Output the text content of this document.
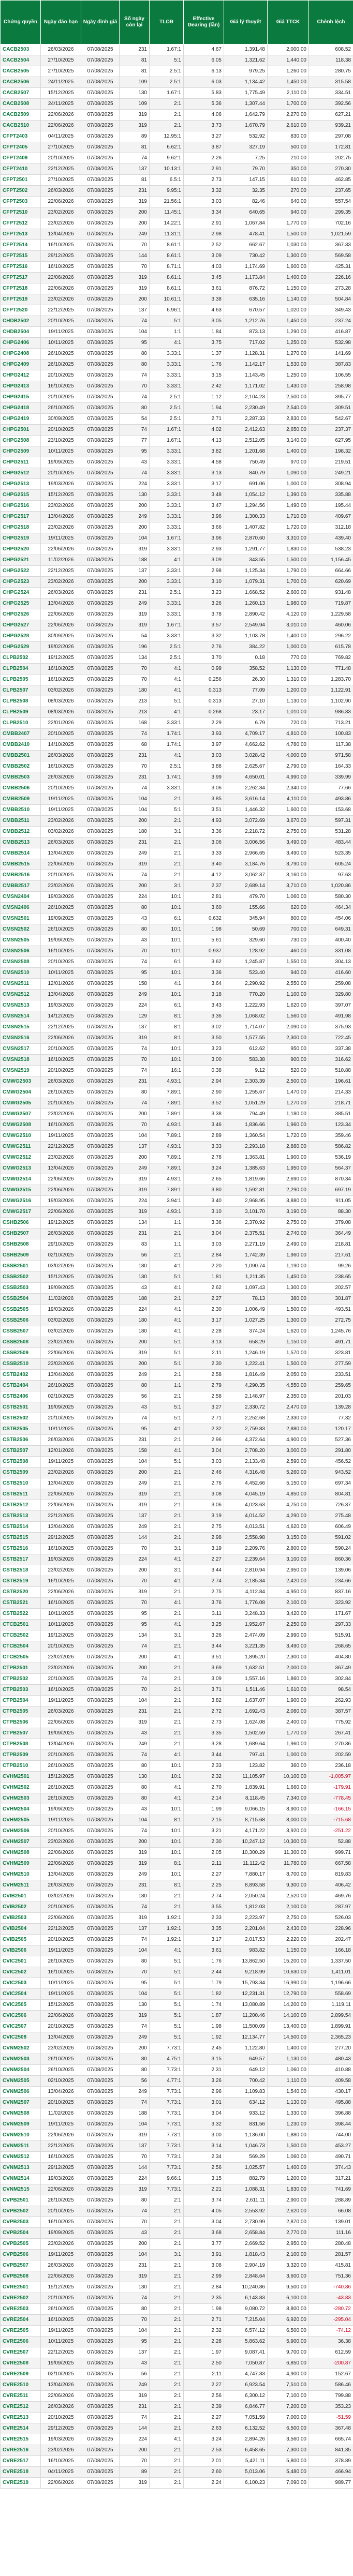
Chứng quyền	Ngày đáo hạn	Ngày định giá	Số ngày còn lại	TLCĐ	Effective Gearing (lần)	Giá lý thuyết	Giá TTCK	Chênh lệch
CACB2503	26/03/2026	07/08/2025	231	1.67:1	4.67	1,391.48	2,000.00	608.52
CACB2504	27/10/2025	07/08/2025	81	5:1	6.05	1,321.62	1,440.00	118.38
CACB2505	27/10/2025	07/08/2025	81	2.5:1	6.13	979.25	1,260.00	280.75
CACB2506	24/11/2025	07/08/2025	109	2.5:1	6.03	1,134.42	1,450.00	315.58
CACB2507	15/12/2025	07/08/2025	130	1.67:1	5.83	1,775.49	2,110.00	334.51
CACB2508	24/11/2025	07/08/2025	109	2:1	5.36	1,307.44	1,700.00	392.56
CACB2509	22/06/2026	07/08/2025	319	2:1	4.06	1,642.79	2,270.00	627.21
CACB2510	22/06/2026	07/08/2025	319	2:1	3.73	1,670.79	2,610.00	939.21
CFPT2403	04/11/2025	07/08/2025	89	12.95:1	3.27	532.92	830.00	297.08
CFPT2405	27/10/2025	07/08/2025	81	6.62:1	3.87	327.19	500.00	172.81
CFPT2409	20/10/2025	07/08/2025	74	9.62:1	2.26	7.25	210.00	202.75
CFPT2410	22/12/2025	07/08/2025	137	10.13:1	2.91	79.70	350.00	270.30
CFPT2501	27/10/2025	07/08/2025	81	6.5:1	2.73	147.15	610.00	462.85
CFPT2502	26/03/2026	07/08/2025	231	9.95:1	3.32	32.35	270.00	237.65
CFPT2503	22/06/2026	07/08/2025	319	21.56:1	3.03	82.46	640.00	557.54
CFPT2510	23/02/2026	07/08/2025	200	11.45:1	3.34	640.65	940.00	299.35
CFPT2512	23/02/2026	07/08/2025	200	14.22:1	2.91	1,067.84	1,770.00	702.16
CFPT2513	13/04/2026	07/08/2025	249	11.31:1	2.98	478.41	1,500.00	1,021.59
CFPT2514	16/10/2025	07/08/2025	70	8.61:1	2.52	662.67	1,030.00	367.33
CFPT2515	29/12/2025	07/08/2025	144	8.61:1	3.09	730.42	1,300.00	569.58
CFPT2516	16/10/2025	07/08/2025	70	8.71:1	4.03	1,174.69	1,600.00	425.31
CFPT2517	22/06/2026	07/08/2025	319	8.61:1	3.45	1,173.84	1,400.00	226.16
CFPT2518	22/06/2026	07/08/2025	319	8.61:1	3.61	876.72	1,150.00	273.28
CFPT2519	23/02/2026	07/08/2025	200	10.61:1	3.38	635.16	1,140.00	504.84
CFPT2520	22/12/2025	07/08/2025	137	6.96:1	4.63	670.57	1,020.00	349.43
CHDB2502	20/10/2025	07/08/2025	74	5:1	3.05	1,212.76	1,450.00	237.24
CHDB2504	19/11/2025	07/08/2025	104	1:1	1.84	873.13	1,290.00	416.87
CHPG2406	10/11/2025	07/08/2025	95	4:1	3.75	717.02	1,250.00	532.98
CHPG2408	26/10/2025	07/08/2025	80	3.33:1	1.37	1,128.31	1,270.00	141.69
CHPG2409	26/10/2025	07/08/2025	80	3.33:1	1.76	1,142.17	1,530.00	387.83
CHPG2412	20/10/2025	07/08/2025	74	3.33:1	3.15	1,143.45	1,250.00	106.55
CHPG2413	16/10/2025	07/08/2025	70	3.33:1	2.42	1,171.02	1,430.00	258.98
CHPG2415	20/10/2025	07/08/2025	74	2.5:1	1.12	2,104.23	2,500.00	395.77
CHPG2418	26/10/2025	07/08/2025	80	2.5:1	1.94	2,230.49	2,540.00	309.51
CHPG2419	30/09/2025	07/08/2025	54	2.5:1	2.71	2,287.33	2,830.00	542.67
CHPG2501	20/10/2025	07/08/2025	74	1.67:1	4.02	2,412.63	2,650.00	237.37
CHPG2508	23/10/2025	07/08/2025	77	1.67:1	4.13	2,512.05	3,140.00	627.95
CHPG2509	10/11/2025	07/08/2025	95	3.33:1	3.82	1,201.68	1,400.00	198.32
CHPG2511	19/09/2025	07/08/2025	43	3.33:1	4.58	750.49	970.00	219.51
CHPG2512	20/10/2025	07/08/2025	74	3.33:1	3.13	840.79	1,090.00	249.21
CHPG2513	19/03/2026	07/08/2025	224	3.33:1	3.17	691.06	1,000.00	308.94
CHPG2515	15/12/2025	07/08/2025	130	3.33:1	3.48	1,054.12	1,390.00	335.88
CHPG2516	23/02/2026	07/08/2025	200	3.33:1	3.47	1,294.56	1,490.00	195.44
CHPG2517	13/04/2026	07/08/2025	249	3.33:1	3.96	1,300.33	1,710.00	409.67
CHPG2518	23/02/2026	07/08/2025	200	3.33:1	3.66	1,407.82	1,720.00	312.18
CHPG2519	19/11/2025	07/08/2025	104	1.67:1	3.96	2,870.60	3,310.00	439.40
CHPG2520	22/06/2026	07/08/2025	319	3.33:1	2.93	1,291.77	1,830.00	538.23
CHPG2521	11/02/2026	07/08/2025	188	4:1	3.09	343.55	1,500.00	1,156.45
CHPG2522	22/12/2025	07/08/2025	137	3.33:1	2.98	1,125.34	1,790.00	664.66
CHPG2523	23/02/2026	07/08/2025	200	3.33:1	3.10	1,079.31	1,700.00	620.69
CHPG2524	26/03/2026	07/08/2025	231	2.5:1	3.23	1,668.52	2,600.00	931.48
CHPG2525	13/04/2026	07/08/2025	249	3.33:1	3.26	1,260.13	1,980.00	719.87
CHPG2526	22/06/2026	07/08/2025	319	3.33:1	3.78	2,890.42	4,120.00	1,229.58
CHPG2527	22/06/2026	07/08/2025	319	1.67:1	3.57	2,549.94	3,010.00	460.06
CHPG2528	30/09/2025	07/08/2025	54	3.33:1	3.32	1,103.78	1,400.00	296.22
CHPG2529	19/02/2026	07/08/2025	196	2.5:1	2.76	384.22	1,000.00	615.78
CLPB2502	19/12/2025	07/08/2025	134	2.5:1	3.70	0.18	770.00	769.82
CLPB2504	16/10/2025	07/08/2025	70	4:1	0.99	358.52	1,130.00	771.48
CLPB2505	16/10/2025	07/08/2025	70	4:1	0.256	26.30	1,310.00	1,283.70
CLPB2507	03/02/2026	07/08/2025	180	4:1	0.313	77.09	1,200.00	1,122.91
CLPB2508	08/03/2026	07/08/2025	213	5:1	0.313	27.10	1,130.00	1,102.90
CLPB2509	08/03/2026	07/08/2025	213	4:1	0.268	23.17	1,010.00	986.83
CLPB2510	22/01/2026	07/08/2025	168	3.33:1	2.29	6.79	720.00	713.21
CMBB2407	20/10/2025	07/08/2025	74	1.74:1	3.93	4,709.17	4,810.00	100.83
CMBB2410	14/10/2025	07/08/2025	68	1.74:1	3.97	4,662.62	4,780.00	117.38
CMBB2501	26/03/2026	07/08/2025	231	4:1	3.03	3,028.42	4,000.00	971.58
CMBB2502	16/10/2025	07/08/2025	70	2.5:1	3.88	2,625.67	2,790.00	164.33
CMBB2503	26/03/2026	07/08/2025	231	1.74:1	3.99	4,650.01	4,990.00	339.99
CMBB2506	20/10/2025	07/08/2025	74	3.33:1	3.06	2,262.34	2,340.00	77.66
CMBB2509	19/11/2025	07/08/2025	104	2:1	3.85	3,616.14	4,110.00	493.86
CMBB2510	19/11/2025	07/08/2025	104	5:1	3.51	1,446.32	1,600.00	153.68
CMBB2511	23/02/2026	07/08/2025	200	2:1	4.93	3,072.69	3,670.00	597.31
CMBB2512	03/02/2026	07/08/2025	180	3:1	3.36	2,218.72	2,750.00	531.28
CMBB2513	26/03/2026	07/08/2025	231	2:1	3.06	3,006.56	3,490.00	483.44
CMBB2514	13/04/2026	07/08/2025	249	2:1	3.33	2,966.65	3,490.00	523.35
CMBB2515	22/06/2026	07/08/2025	319	2:1	3.40	3,184.76	3,790.00	605.24
CMBB2516	20/10/2025	07/08/2025	74	2:1	4.12	3,062.37	3,160.00	97.63
CMBB2517	23/02/2026	07/08/2025	200	3:1	2.37	2,689.14	3,710.00	1,020.86
CMSN2404	19/03/2026	07/08/2025	224	10:1	2.81	479.70	1,060.00	580.30
CMSN2406	26/10/2025	07/08/2025	80	10:1	3.60	155.66	620.00	464.34
CMSN2501	19/09/2025	07/08/2025	43	6:1	0.632	345.94	800.00	454.06
CMSN2502	26/10/2025	07/08/2025	80	10:1	1.98	50.69	700.00	649.31
CMSN2505	19/09/2025	07/08/2025	43	10:1	5.61	329.60	730.00	400.40
CMSN2506	16/10/2025	07/08/2025	70	10:1	0.937	128.92	460.00	331.08
CMSN2508	20/10/2025	07/08/2025	74	6:1	3.62	1,245.87	1,550.00	304.13
CMSN2510	10/11/2025	07/08/2025	95	10:1	3.36	523.40	940.00	416.60
CMSN2511	12/01/2026	07/08/2025	158	4:1	3.64	2,290.92	2,550.00	259.08
CMSN2512	13/04/2026	07/08/2025	249	10:1	3.18	770.20	1,100.00	329.80
CMSN2513	19/03/2026	07/08/2025	224	6:1	3.43	1,222.93	1,620.00	397.07
CMSN2514	14/12/2025	07/08/2025	129	8:1	3.36	1,068.02	1,560.00	491.98
CMSN2515	22/12/2025	07/08/2025	137	8:1	3.02	1,714.07	2,090.00	375.93
CMSN2516	22/06/2026	07/08/2025	319	8:1	3.50	1,577.55	2,300.00	722.45
CMSN2517	20/10/2025	07/08/2025	74	10:1	3.23	612.62	950.00	337.38
CMSN2518	16/10/2025	07/08/2025	70	10:1	3.00	583.38	900.00	316.62
CMSN2519	20/10/2025	07/08/2025	74	16:1	0.38	9.12	520.00	510.88
CMWG2503	26/03/2026	07/08/2025	231	4.93:1	2.94	2,303.39	2,500.00	196.61
CMWG2504	26/10/2025	07/08/2025	80	7.89:1	2.90	1,255.67	1,470.00	214.33
CMWG2505	20/10/2025	07/08/2025	74	7.89:1	3.52	1,051.29	1,270.00	218.71
CMWG2507	23/02/2026	07/08/2025	200	7.89:1	3.38	794.49	1,180.00	385.51
CMWG2508	16/10/2025	07/08/2025	70	4.93:1	3.46	1,836.66	1,960.00	123.34
CMWG2510	19/11/2025	07/08/2025	104	7.89:1	2.89	1,360.54	1,720.00	359.46
CMWG2511	22/12/2025	07/08/2025	137	4.93:1	3.33	2,293.18	2,880.00	586.82
CMWG2512	23/02/2026	07/08/2025	200	7.89:1	2.78	1,363.81	1,900.00	536.19
CMWG2513	13/04/2026	07/08/2025	249	7.89:1	3.24	1,385.63	1,950.00	564.37
CMWG2514	22/06/2026	07/08/2025	319	4.93:1	2.65	1,819.66	2,690.00	870.34
CMWG2515	22/06/2026	07/08/2025	319	7.89:1	3.80	1,592.81	2,290.00	697.19
CMWG2516	19/03/2026	07/08/2025	224	3.94:1	3.40	2,968.95	3,880.00	911.05
CMWG2517	22/06/2026	07/08/2025	319	4.93:1	3.10	3,101.70	3,190.00	88.30
CSHB2506	19/12/2025	07/08/2025	134	1:1	3.36	2,370.92	2,750.00	379.08
CSHB2507	26/03/2026	07/08/2025	231	2:1	3.04	2,375.51	2,740.00	364.49
CSHB2508	29/10/2025	07/08/2025	83	1:1	3.03	2,271.19	2,490.00	218.81
CSHB2509	02/10/2025	07/08/2025	56	2:1	2.84	1,742.39	1,960.00	217.61
CSSB2501	03/02/2026	07/08/2025	180	4:1	2.20	1,090.74	1,190.00	99.26
CSSB2502	15/12/2025	07/08/2025	130	5:1	1.81	1,211.35	1,450.00	238.65
CSSB2503	19/09/2025	07/08/2025	43	4:1	2.62	1,097.43	1,300.00	202.57
CSSB2504	11/02/2026	07/08/2025	188	2:1	2.27	78.13	380.00	301.87
CSSB2505	19/03/2026	07/08/2025	224	4:1	2.30	1,006.49	1,500.00	493.51
CSSB2506	03/02/2026	07/08/2025	180	4:1	3.17	1,027.25	1,300.00	272.75
CSSB2507	03/02/2026	07/08/2025	180	4:1	2.28	374.24	1,620.00	1,245.76
CSSB2508	23/02/2026	07/08/2025	200	5:1	3.13	658.29	1,150.00	491.71
CSSB2509	22/06/2026	07/08/2025	319	5:1	2.11	1,246.19	1,570.00	323.81
CSSB2510	23/02/2026	07/08/2025	200	5:1	2.30	1,222.41	1,500.00	277.59
CSTB2402	13/04/2026	07/08/2025	249	2:1	2.58	1,816.49	2,050.00	233.51
CSTB2404	26/10/2025	07/08/2025	80	1:1	2.79	4,290.35	4,550.00	259.65
CSTB2406	02/10/2025	07/08/2025	56	2:1	2.58	2,148.97	2,350.00	201.03
CSTB2501	19/09/2025	07/08/2025	43	5:1	3.27	2,330.72	2,470.00	139.28
CSTB2502	20/10/2025	07/08/2025	74	5:1	2.71	2,252.68	2,330.00	77.32
CSTB2505	10/11/2025	07/08/2025	95	4:1	2.32	2,759.83	2,880.00	120.17
CSTB2506	26/03/2026	07/08/2025	231	2:1	2.96	4,372.64	4,900.00	527.36
CSTB2507	12/01/2026	07/08/2025	158	4:1	3.04	2,708.20	3,000.00	291.80
CSTB2508	19/11/2025	07/08/2025	104	5:1	3.03	2,133.48	2,590.00	456.52
CSTB2509	23/02/2026	07/08/2025	200	2:1	2.46	4,316.48	5,260.00	943.52
CSTB2510	13/04/2026	07/08/2025	249	2:1	2.76	4,452.66	5,150.00	697.34
CSTB2511	22/06/2026	07/08/2025	319	2:1	3.08	4,045.19	4,850.00	804.81
CSTB2512	22/06/2026	07/08/2025	319	2:1	3.06	4,023.63	4,750.00	726.37
CSTB2513	22/12/2025	07/08/2025	137	2:1	3.19	4,014.52	4,290.00	275.48
CSTB2514	13/04/2026	07/08/2025	249	2:1	2.75	4,013.51	4,620.00	606.49
CSTB2515	29/12/2025	07/08/2025	144	2:1	2.98	2,558.98	3,150.00	591.02
CSTB2516	16/10/2025	07/08/2025	70	3:1	3.19	2,209.76	2,800.00	590.24
CSTB2517	19/03/2026	07/08/2025	224	4:1	2.27	2,239.64	3,100.00	860.36
CSTB2518	23/02/2026	07/08/2025	200	3:1	3.44	2,810.94	2,950.00	139.06
CSTB2519	16/10/2025	07/08/2025	70	4:1	2.74	2,185.34	2,420.00	234.66
CSTB2520	22/06/2026	07/08/2025	319	2:1	2.75	4,112.84	4,950.00	837.16
CSTB2521	16/10/2025	07/08/2025	70	4:1	3.76	1,776.08	2,100.00	323.92
CSTB2522	10/11/2025	07/08/2025	95	2:1	3.11	3,248.33	3,420.00	171.67
CTCB2501	10/11/2025	07/08/2025	95	4:1	3.25	1,952.67	2,250.00	297.33
CTCB2502	19/12/2025	07/08/2025	134	3:1	3.26	2,474.09	2,990.00	515.91
CTCB2504	20/10/2025	07/08/2025	74	2:1	3.44	3,221.35	3,490.00	268.65
CTCB2505	23/02/2026	07/08/2025	200	4:1	3.51	1,895.20	2,300.00	404.80
CTPB2501	23/02/2026	07/08/2025	200	2:1	3.69	1,632.51	2,000.00	367.49
CTPB2502	20/10/2025	07/08/2025	74	2:1	3.09	1,557.16	1,860.00	302.84
CTPB2503	16/10/2025	07/08/2025	70	2:1	3.71	1,511.46	1,610.00	98.54
CTPB2504	19/11/2025	07/08/2025	104	2:1	3.82	1,637.07	1,900.00	262.93
CTPB2505	26/03/2026	07/08/2025	231	2:1	2.72	1,692.43	2,080.00	387.57
CTPB2506	22/06/2026	07/08/2025	319	2:1	2.73	1,624.08	2,400.00	775.92
CTPB2507	19/09/2025	07/08/2025	43	2:1	3.35	1,502.59	1,770.00	267.41
CTPB2508	13/04/2026	07/08/2025	249	2:1	3.28	1,689.64	1,960.00	270.36
CTPB2509	20/10/2025	07/08/2025	74	4:1	3.44	797.41	1,000.00	202.59
CTPB2510	26/10/2025	07/08/2025	80	10:1	2.33	123.82	360.00	236.18
CVHM2501	15/12/2025	07/08/2025	130	10:1	2.32	11,105.97	10,100.00	-1,005.97
CVHM2502	26/10/2025	07/08/2025	80	4:1	2.70	1,839.91	1,660.00	-179.91
CVHM2503	26/10/2025	07/08/2025	80	4:1	2.14	8,118.45	7,340.00	-778.45
CVHM2504	19/09/2025	07/08/2025	43	10:1	1.99	9,066.15	8,900.00	-166.15
CVHM2505	19/11/2025	07/08/2025	104	8:1	2.15	8,715.68	8,000.00	-715.68
CVHM2506	20/10/2025	07/08/2025	74	10:1	3.21	4,171.22	3,920.00	-251.22
CVHM2507	23/02/2026	07/08/2025	200	10:1	2.30	10,247.12	10,300.00	52.88
CVHM2508	22/06/2026	07/08/2025	319	10:1	2.05	10,300.29	11,300.00	999.71
CVHM2509	22/06/2026	07/08/2025	319	8:1	2.11	11,112.42	11,780.00	667.58
CVHM2510	13/04/2026	07/08/2025	249	10:1	2.27	7,880.17	8,700.00	819.83
CVHM2511	26/03/2026	07/08/2025	231	8:1	2.25	8,893.58	9,300.00	406.42
CVIB2501	03/02/2026	07/08/2025	180	2:1	2.74	2,050.24	2,520.00	469.76
CVIB2502	20/10/2025	07/08/2025	74	2:1	3.55	1,812.03	2,100.00	287.97
CVIB2503	22/06/2026	07/08/2025	319	1.92:1	2.33	2,223.97	2,750.00	526.03
CVIB2504	22/12/2025	07/08/2025	137	1.92:1	3.35	2,201.04	2,430.00	228.96
CVIB2505	20/10/2025	07/08/2025	74	1.92:1	3.17	2,017.53	2,220.00	202.47
CVIB2506	19/11/2025	07/08/2025	104	4:1	3.61	983.82	1,150.00	166.18
CVIC2501	26/10/2025	07/08/2025	80	5:1	1.76	13,862.50	15,200.00	1,337.50
CVIC2502	16/10/2025	07/08/2025	70	5:1	2.44	9,218.99	10,630.00	1,411.01
CVIC2503	10/11/2025	07/08/2025	95	5:1	1.79	15,793.34	16,990.00	1,196.66
CVIC2504	19/11/2025	07/08/2025	104	5:1	1.82	12,231.31	12,790.00	558.69
CVIC2505	15/12/2025	07/08/2025	130	5:1	1.74	13,080.89	14,200.00	1,119.11
CVIC2506	22/06/2026	07/08/2025	319	5:1	1.87	11,200.46	14,100.00	2,899.54
CVIC2507	20/10/2025	07/08/2025	74	5:1	1.98	11,500.09	13,400.00	1,899.91
CVIC2508	13/04/2026	07/08/2025	249	5:1	1.92	12,134.77	14,500.00	2,365.23
CVNM2502	23/02/2026	07/08/2025	200	7.73:1	2.45	1,122.80	1,400.00	277.20
CVNM2503	26/10/2025	07/08/2025	80	4.75:1	3.15	649.57	1,130.00	480.43
CVNM2504	26/10/2025	07/08/2025	80	7.73:1	2.31	649.12	1,060.00	410.88
CVNM2505	02/10/2025	07/08/2025	56	4.77:1	3.26	700.42	1,110.00	409.58
CVNM2506	13/04/2026	07/08/2025	249	7.73:1	2.96	1,109.83	1,540.00	430.17
CVNM2507	20/10/2025	07/08/2025	74	7.73:1	3.01	634.12	1,130.00	495.88
CVNM2508	11/02/2026	07/08/2025	188	7.73:1	3.04	933.12	1,330.00	396.88
CVNM2509	19/11/2025	07/08/2025	104	7.73:1	3.32	831.56	1,230.00	398.44
CVNM2510	22/06/2026	07/08/2025	319	7.73:1	3.00	1,136.00	1,880.00	744.00
CVNM2511	22/12/2025	07/08/2025	137	7.73:1	3.14	1,046.73	1,500.00	453.27
CVNM2512	16/10/2025	07/08/2025	70	7.73:1	2.34	569.29	1,060.00	490.71
CVNM2513	29/12/2025	07/08/2025	144	7.73:1	2.56	1,025.57	1,400.00	374.43
CVNM2514	19/03/2026	07/08/2025	224	9.66:1	3.15	882.79	1,200.00	317.21
CVNM2515	22/06/2026	07/08/2025	319	7.73:1	2.21	1,088.31	1,830.00	741.69
CVPB2501	26/10/2025	07/08/2025	80	2:1	3.74	2,611.11	2,900.00	288.89
CVPB2502	20/10/2025	07/08/2025	74	2:1	4.05	2,553.92	2,620.00	66.08
CVPB2503	16/10/2025	07/08/2025	70	2:1	3.04	2,730.99	2,870.00	139.01
CVPB2504	19/09/2025	07/08/2025	43	2:1	3.68	2,658.84	2,770.00	111.16
CVPB2505	23/02/2026	07/08/2025	200	2:1	3.77	2,669.52	2,950.00	280.48
CVPB2506	19/11/2025	07/08/2025	104	3:1	3.91	1,818.43	2,100.00	281.57
CVPB2507	26/03/2026	07/08/2025	231	2:1	3.08	2,904.19	3,320.00	415.81
CVPB2508	22/06/2026	07/08/2025	319	2:1	2.99	2,848.64	3,600.00	751.36
CVRE2501	15/12/2025	07/08/2025	130	2:1	2.84	10,240.86	9,500.00	-740.86
CVRE2502	20/10/2025	07/08/2025	74	2:1	2.35	6,143.83	6,100.00	-43.83
CVRE2503	26/10/2025	07/08/2025	80	2:1	1.98	9,080.72	8,800.00	-280.72
CVRE2504	16/10/2025	07/08/2025	70	2:1	2.71	7,215.04	6,920.00	-295.04
CVRE2505	19/11/2025	07/08/2025	104	2:1	2.32	6,574.12	6,500.00	-74.12
CVRE2506	10/11/2025	07/08/2025	95	2:1	2.28	5,863.62	5,900.00	36.38
CVRE2507	22/12/2025	07/08/2025	137	2:1	1.97	9,087.41	9,700.00	612.59
CVRE2508	19/09/2025	07/08/2025	43	2:1	2.50	7,050.87	6,850.00	-200.87
CVRE2509	02/10/2025	07/08/2025	56	2:1	2.11	4,747.33	4,900.00	152.67
CVRE2510	13/04/2026	07/08/2025	249	2:1	2.27	6,923.54	7,510.00	586.46
CVRE2511	22/06/2026	07/08/2025	319	2:1	2.56	6,300.12	7,100.00	799.88
CVRE2512	26/03/2026	07/08/2025	231	2:1	2.39	6,846.77	7,200.00	353.23
CVRE2513	20/10/2025	07/08/2025	74	2:1	2.27	7,051.59	7,000.00	-51.59
CVRE2514	29/12/2025	07/08/2025	144	2:1	2.63	6,132.52	6,500.00	367.48
CVRE2515	19/03/2026	07/08/2025	224	4:1	3.24	2,894.26	3,560.00	665.74
CVRE2516	23/02/2026	07/08/2025	200	2:1	2.53	6,458.65	7,300.00	841.35
CVRE2517	16/10/2025	07/08/2025	70	2:1	2.01	5,421.11	5,800.00	378.89
CVRE2518	04/11/2025	07/08/2025	89	2:1	2.60	5,013.06	5,480.00	466.94
CVRE2519	22/06/2026	07/08/2025	319	2:1	2.24	6,100.23	7,090.00	989.77
